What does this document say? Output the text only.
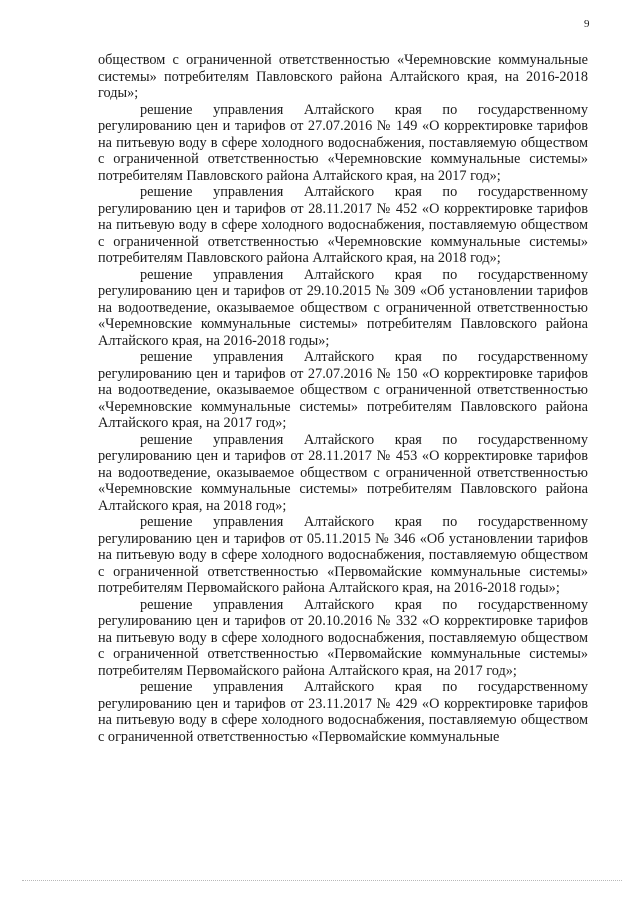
9

обществом с ограниченной ответственностью «Черемновские коммунальные системы» потребителям Павловского района Алтайского края, на 2016-2018 годы»;

решение управления Алтайского края по государственному регулированию цен и тарифов от 27.07.2016 № 149 «О корректировке тарифов на питьевую воду в сфере холодного водоснабжения, поставляемую обществом с ограниченной ответственностью «Черемновские коммунальные системы» потребителям Павловского района Алтайского края, на 2017 год»;

решение управления Алтайского края по государственному регулированию цен и тарифов от 28.11.2017 № 452 «О корректировке тарифов на питьевую воду в сфере холодного водоснабжения, поставляемую обществом с ограниченной ответственностью «Черемновские коммунальные системы» потребителям Павловского района Алтайского края, на 2018 год»;

решение управления Алтайского края по государственному регулированию цен и тарифов от 29.10.2015 № 309 «Об установлении тарифов на водоотведение, оказываемое обществом с ограниченной ответственностью «Черемновские коммунальные системы» потребителям Павловского района Алтайского края, на 2016-2018 годы»;

решение управления Алтайского края по государственному регулированию цен и тарифов от 27.07.2016 № 150 «О корректировке тарифов на водоотведение, оказываемое обществом с ограниченной ответственностью «Черемновские коммунальные системы» потребителям Павловского района Алтайского края, на 2017 год»;

решение управления Алтайского края по государственному регулированию цен и тарифов от 28.11.2017 № 453 «О корректировке тарифов на водоотведение, оказываемое обществом с ограниченной ответственностью «Черемновские коммунальные системы» потребителям Павловского района Алтайского края, на 2018 год»;

решение управления Алтайского края по государственному регулированию цен и тарифов от 05.11.2015 № 346 «Об установлении тарифов на питьевую воду в сфере холодного водоснабжения, поставляемую обществом с ограниченной ответственностью «Первомайские коммунальные системы» потребителям Первомайского района Алтайского края, на 2016-2018 годы»;

решение управления Алтайского края по государственному регулированию цен и тарифов от 20.10.2016 № 332 «О корректировке тарифов на питьевую воду в сфере холодного водоснабжения, поставляемую обществом с ограниченной ответственностью «Первомайские коммунальные системы» потребителям Первомайского района Алтайского края, на 2017 год»;

решение управления Алтайского края по государственному регулированию цен и тарифов от 23.11.2017 № 429 «О корректировке тарифов на питьевую воду в сфере холодного водоснабжения, поставляемую обществом с ограниченной ответственностью «Первомайские коммунальные
